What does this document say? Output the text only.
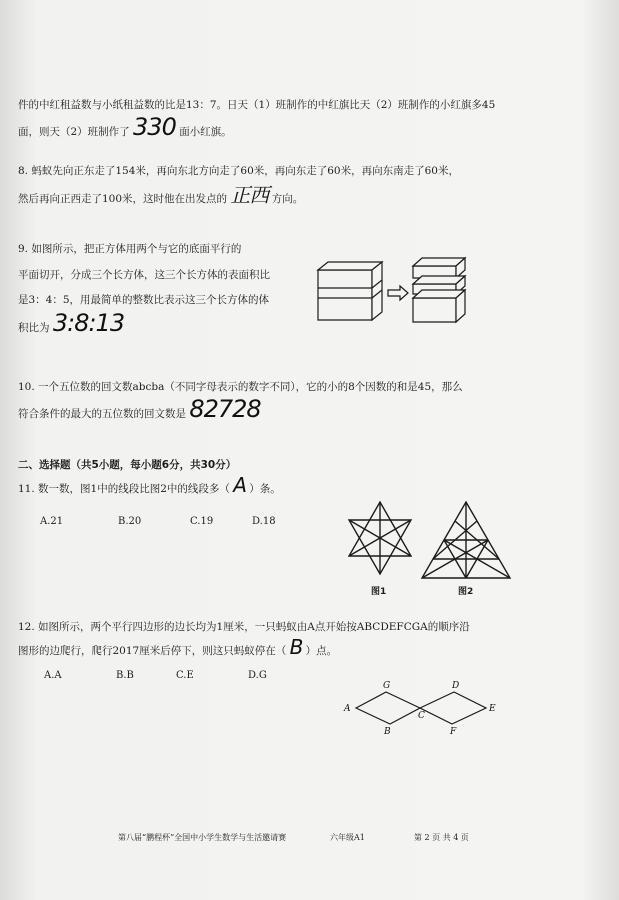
件的中红租益数与小纸租益数的比是13：7。日天（1）班制作的中红旗比天（2）班制作的小红旗多45
面，则天（2）班制作了 330 面小红旗。
8. 蚂蚁先向正东走了154米，再向东北方向走了60米，再向东走了60米，再向东南走了60米，
然后再向正西走了100米，这时他在出发点的 正西 方向。
9. 如图所示，把正方体用两个与它的底面平行的
平面切开，分成三个长方体，这三个长方体的表面积比
是3：4：5，用最简单的整数比表示这三个长方体的体
积比为 3:8:13
10. 一个五位数的回文数abcba（不同字母表示的数字不同），它的小的8个因数的和是45，那么
符合条件的最大的五位数的回文数是 82728
二、选择题（共5小题，每小题6分，共30分）
11. 数一数，图1中的线段比图2中的线段多（ A ）条。
A.21	B.20	C.19	D.18
图1	图2
12. 如图所示，两个平行四边形的边长均为1厘米，一只蚂蚁由A点开始按ABCDEFCGA的顺序沿
图形的边爬行，爬行2017厘米后停下，则这只蚂蚁停在（ B ）点。
A.A	B.B	C.E	D.G
A
G
B
C
D
E
F
第八届“鹏程杯”全国中小学生数学与生活邀请赛	六年级A1	第 2 页 共 4 页
